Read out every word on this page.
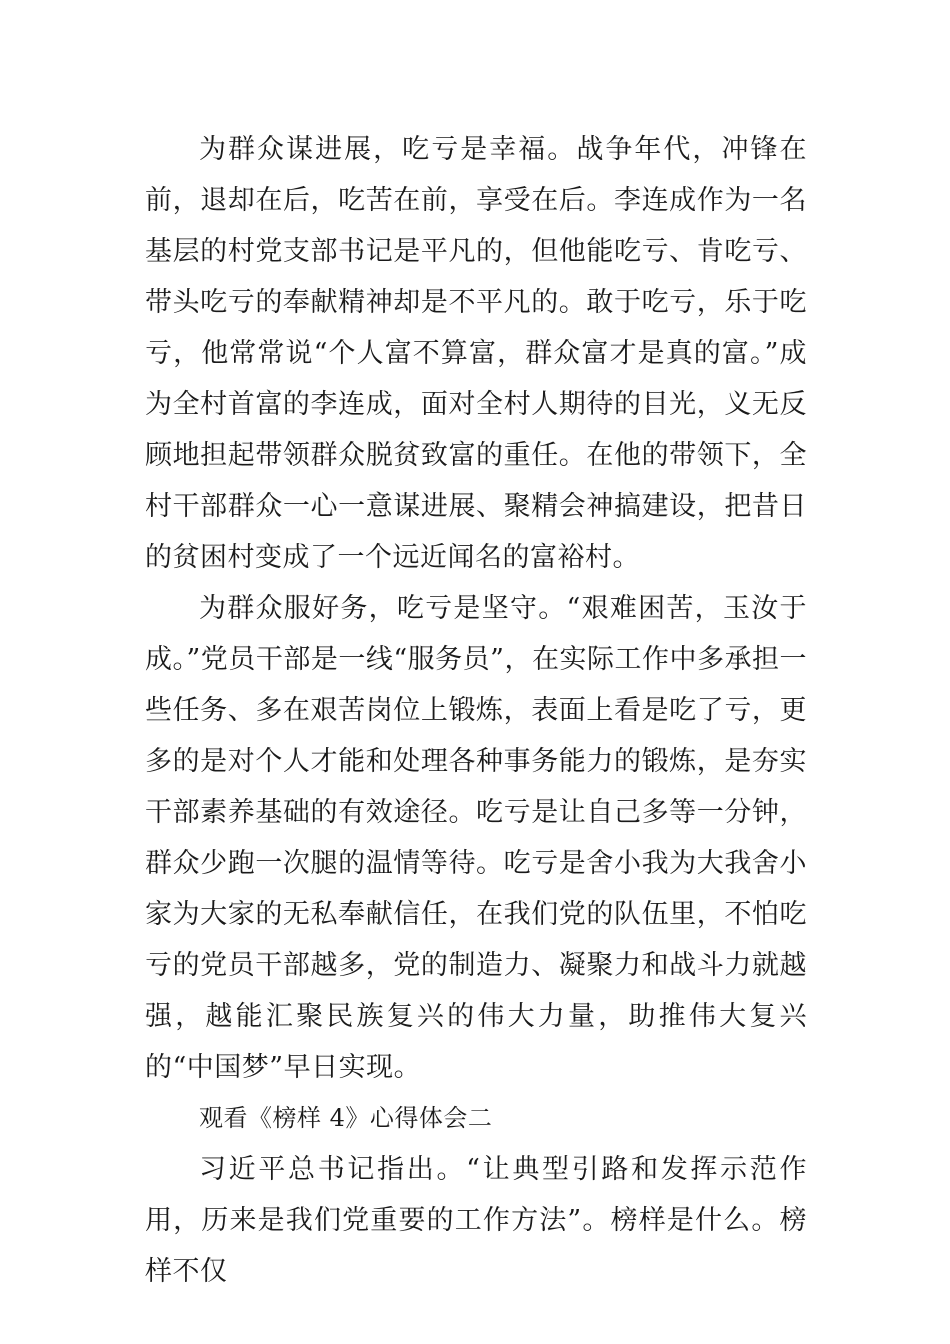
为群众谋进展，吃亏是幸福。战争年代，冲锋在前，退却在后，吃苦在前，享受在后。李连成作为一名基层的村党支部书记是平凡的，但他能吃亏、肯吃亏、带头吃亏的奉献精神却是不平凡的。敢于吃亏，乐于吃亏，他常常说“个人富不算富，群众富才是真的富。”成为全村首富的李连成，面对全村人期待的目光，义无反顾地担起带领群众脱贫致富的重任。在他的带领下，全村干部群众一心一意谋进展、聚精会神搞建设，把昔日的贫困村变成了一个远近闻名的富裕村。

为群众服好务，吃亏是坚守。“艰难困苦，玉汝于成。”党员干部是一线“服务员”，在实际工作中多承担一些任务、多在艰苦岗位上锻炼，表面上看是吃了亏，更多的是对个人才能和处理各种事务能力的锻炼，是夯实干部素养基础的有效途径。吃亏是让自己多等一分钟，群众少跑一次腿的温情等待。吃亏是舍小我为大我舍小家为大家的无私奉献信任，在我们党的队伍里，不怕吃亏的党员干部越多，党的制造力、凝聚力和战斗力就越强，越能汇聚民族复兴的伟大力量，助推伟大复兴的“中国梦”早日实现。

观看《榜样 4》心得体会二

习近平总书记指出。“让典型引路和发挥示范作用，历来是我们党重要的工作方法”。榜样是什么。榜样不仅
